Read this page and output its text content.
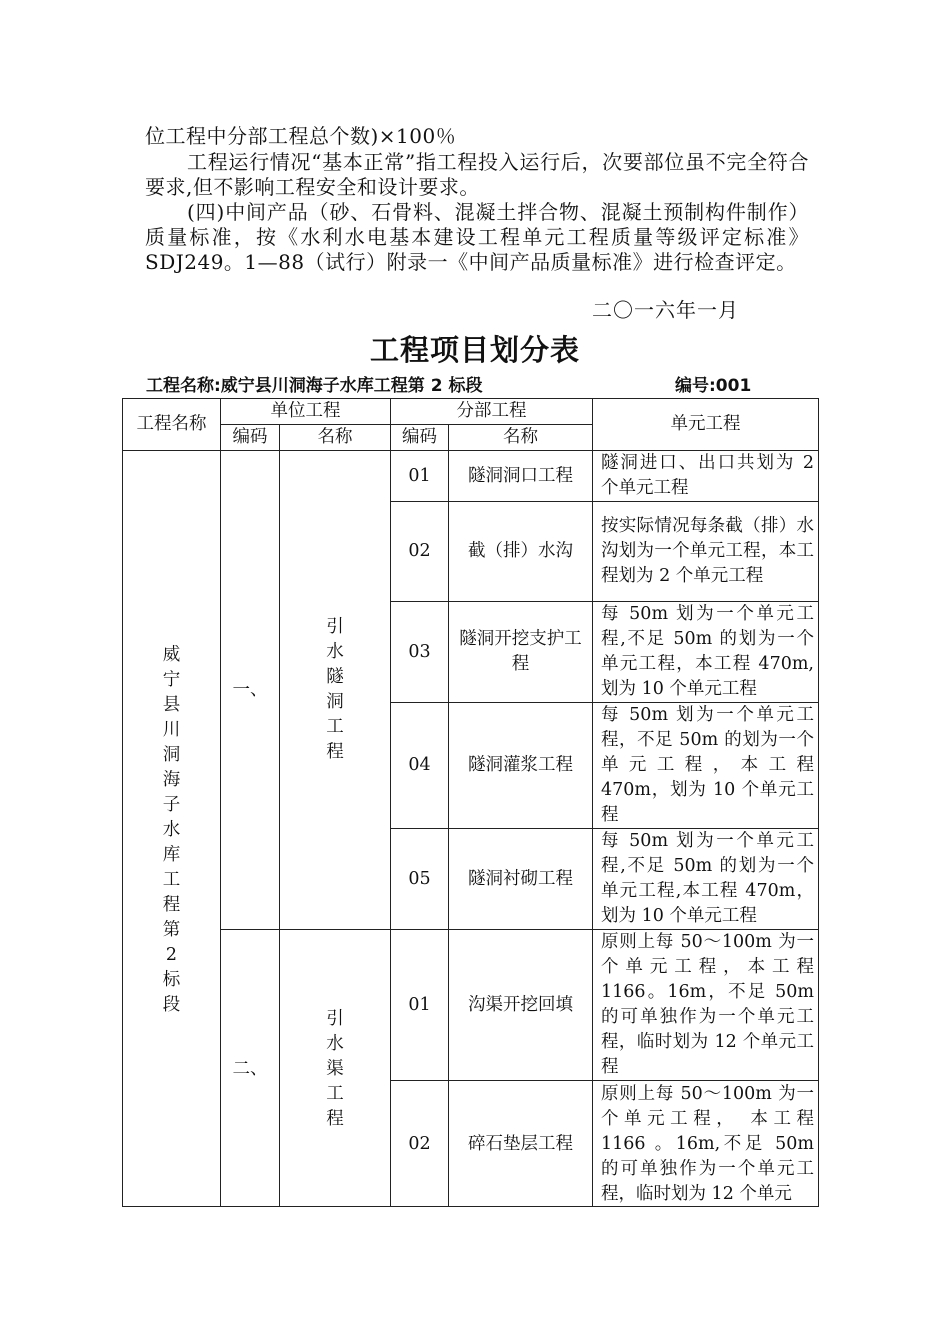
位工程中分部工程总个数)×100％

工程运行情况“基本正常”指工程投入运行后，次要部位虽不完全符合要求,但不影响工程安全和设计要求。

(四)中间产品（砂、石骨料、混凝土拌合物、混凝土预制构件制作）质量标准，按《水利水电基本建设工程单元工程质量等级评定标准》SDJ249。1—88（试行）附录一《中间产品质量标准》进行检查评定。

二〇一六年一月
工程项目划分表
工程名称:威宁县川洞海子水库工程第 2 标段	编号:001
工程名称	单位工程		分部工程		单元工程
	编码	名称	编码	名称	

威宁县川洞海子水库工程第2标段	一、	引水隧洞工程	01	隧洞洞口工程	隧洞进口、出口共划为 2 个单元工程
			02	截（排）水沟	按实际情况每条截（排）水沟划为一个单元工程，本工程划为 2 个单元工程
			03	隧洞开挖支护工程	每 50m 划为一个单元工程,不足 50m 的划为一个单元工程，本工程 470m,划为 10 个单元工程
			04	隧洞灌浆工程	每 50m 划为一个单元工程，不足 50m 的划为一个单元工程，本工程 470m，划为 10 个单元工程
			05	隧洞衬砌工程	每 50m 划为一个单元工程,不足 50m 的划为一个单元工程,本工程 470m，划为 10 个单元工程
	二、	引水渠工程	01	沟渠开挖回填	原则上每 50～100m 为一个单元工程，本工程 1166。16m，不足 50m 的可单独作为一个单元工程，临时划为 12 个单元工程
			02	碎石垫层工程	原则上每 50～100m 为一个单元工程， 本工程 1166 。16m,不足 50m 的可单独作为一个单元工程，临时划为 12 个单元
